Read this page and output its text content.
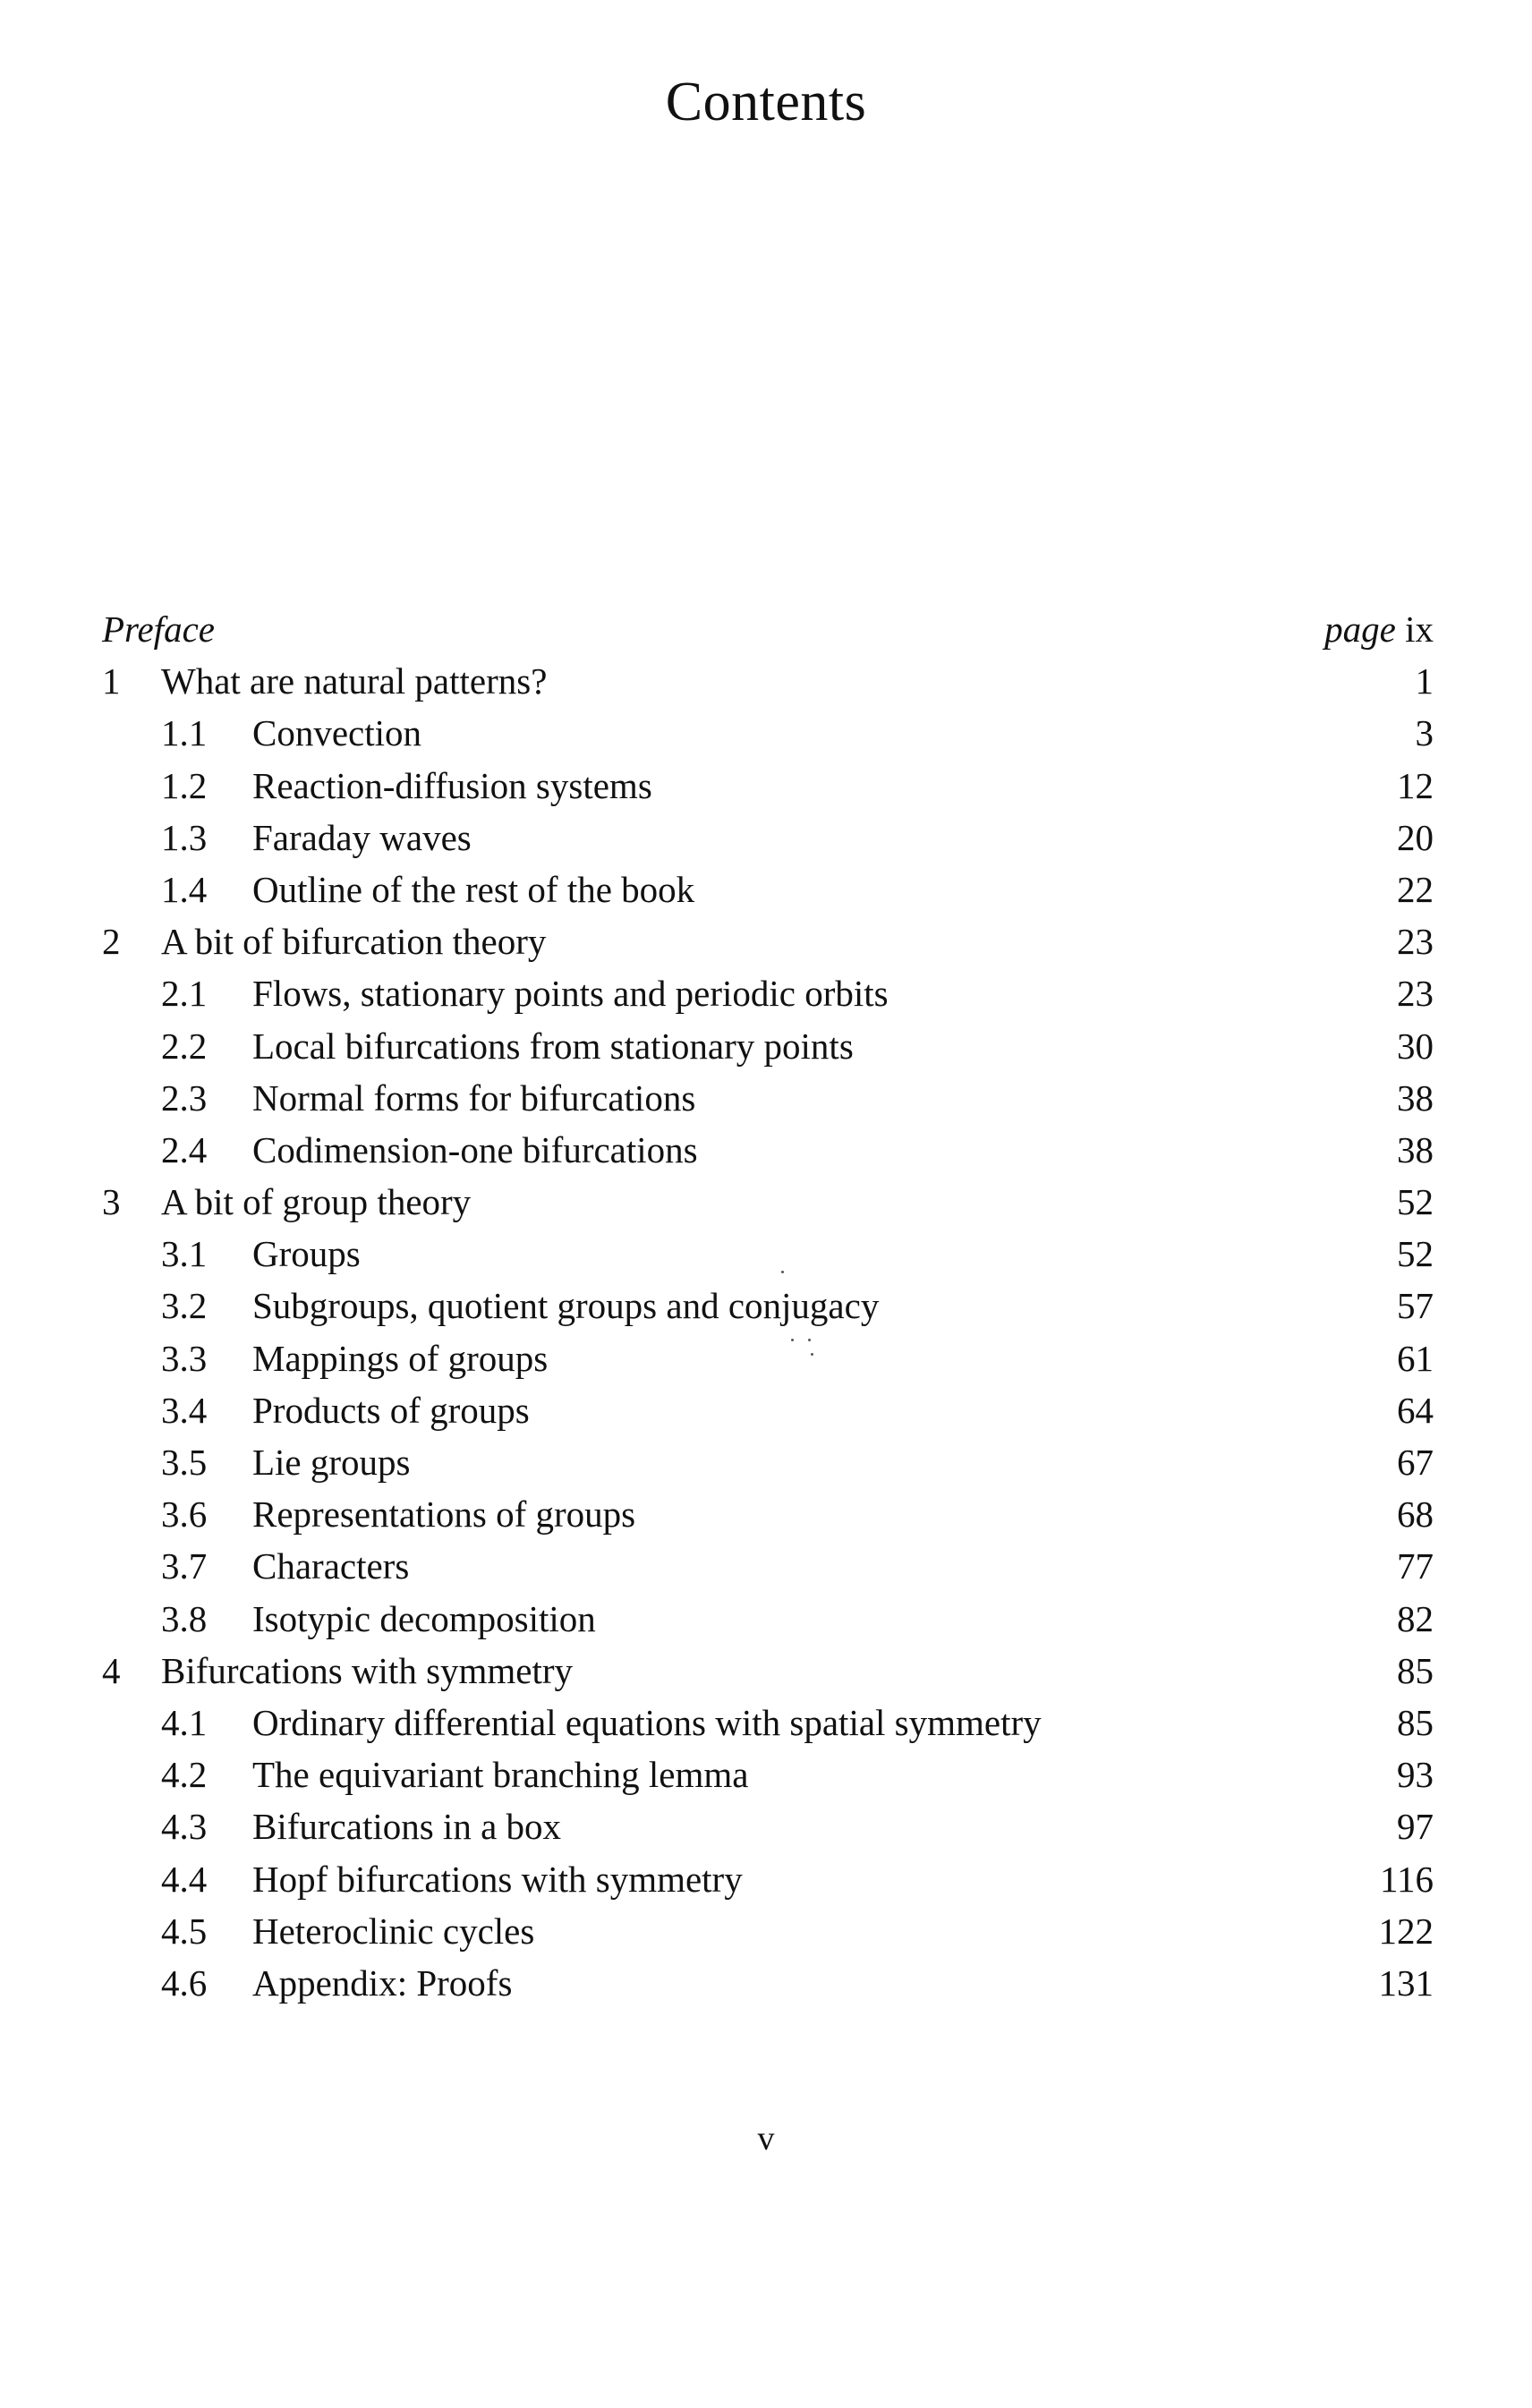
Contents
Preface	page ix
1 What are natural patterns?	1
1.1 Convection	3
1.2 Reaction-diffusion systems	12
1.3 Faraday waves	20
1.4 Outline of the rest of the book	22
2 A bit of bifurcation theory	23
2.1 Flows, stationary points and periodic orbits	23
2.2 Local bifurcations from stationary points	30
2.3 Normal forms for bifurcations	38
2.4 Codimension-one bifurcations	38
3 A bit of group theory	52
3.1 Groups	52
3.2 Subgroups, quotient groups and conjugacy	57
3.3 Mappings of groups	61
3.4 Products of groups	64
3.5 Lie groups	67
3.6 Representations of groups	68
3.7 Characters	77
3.8 Isotypic decomposition	82
4 Bifurcations with symmetry	85
4.1 Ordinary differential equations with spatial symmetry	85
4.2 The equivariant branching lemma	93
4.3 Bifurcations in a box	97
4.4 Hopf bifurcations with symmetry	116
4.5 Heteroclinic cycles	122
4.6 Appendix: Proofs	131
v
